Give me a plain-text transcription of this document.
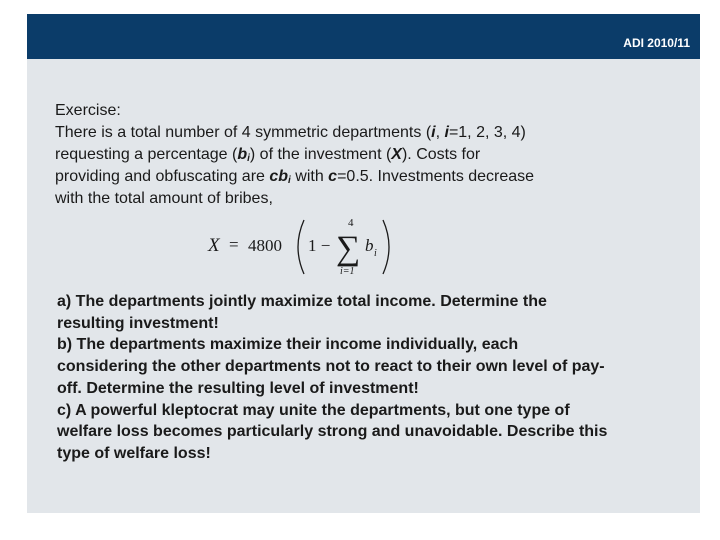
ADI 2010/11

Exercise:
There is a total number of 4 symmetric departments (i, i=1, 2, 3, 4)
requesting a percentage $(b_i)$ of the investment (X). Costs for
providing and obfuscating are $cb_i$ with c=0.5. Investments decrease
with the total amount of bribes,

X = 4800 1 −
4
∑
i=1
b i

a) The departments jointly maximize total income. Determine the
resulting investment!
b) The departments maximize their income individually, each
considering the other departments not to react to their own level of pay-
off. Determine the resulting level of investment!
c) A powerful kleptocrat may unite the departments, but one type of
welfare loss becomes particularly strong and unavoidable. Describe this
type of welfare loss!
